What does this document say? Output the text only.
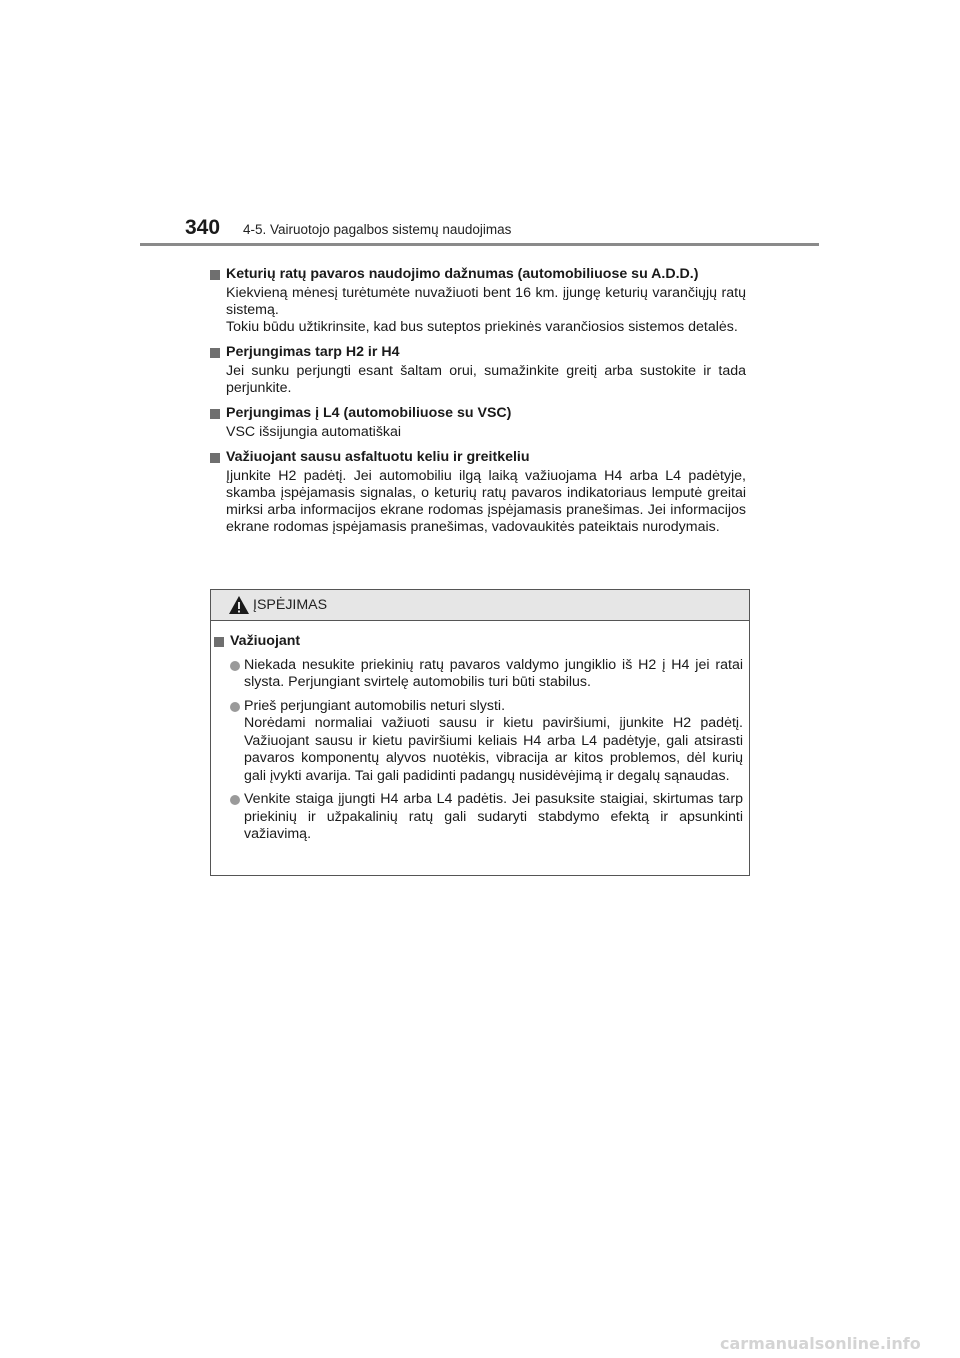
340 4-5. Vairuotojo pagalbos sistemų naudojimas
Keturių ratų pavaros naudojimo dažnumas (automobiliuose su A.D.D.)

Kiekvieną mėnesį turėtumėte nuvažiuoti bent 16 km. įjungę keturių varančiųjų ratų sistemą.

Tokiu būdu užtikrinsite, kad bus suteptos priekinės varančiosios sistemos detalės.

Perjungimas tarp H2 ir H4

Jei sunku perjungti esant šaltam orui, sumažinkite greitį arba sustokite ir tada perjunkite.

Perjungimas į L4 (automobiliuose su VSC)

VSC išsijungia automatiškai

Važiuojant sausu asfaltuotu keliu ir greitkeliu

Įjunkite H2 padėtį. Jei automobiliu ilgą laiką važiuojama H4 arba L4 padėtyje, skamba įspėjamasis signalas, o keturių ratų pavaros indikatoriaus lemputė greitai mirksi arba informacijos ekrane rodomas įspėjamasis pranešimas. Jei informacijos ekrane rodomas įspėjamasis pranešimas, vadovaukitės pateiktais nurodymais.

ĮSPĖJIMAS
Važiuojant

Niekada nesukite priekinių ratų pavaros valdymo jungiklio iš H2 į H4 jei ratai slysta. Perjungiant svirtelę automobilis turi būti stabilus.

Prieš perjungiant automobilis neturi slysti.

Norėdami normaliai važiuoti sausu ir kietu paviršiumi, įjunkite H2 padėtį. Važiuojant sausu ir kietu paviršiumi keliais H4 arba L4 padėtyje, gali atsirasti pavaros komponentų alyvos nuotėkis, vibracija ar kitos problemos, dėl kurių gali įvykti avarija. Tai gali padidinti padangų nusidėvėjimą ir degalų sąnaudas.

Venkite staiga įjungti H4 arba L4 padėtis. Jei pasuksite staigiai, skirtumas tarp priekinių ir užpakalinių ratų gali sudaryti stabdymo efektą ir apsunkinti važiavimą.

carmanualsonline.info
